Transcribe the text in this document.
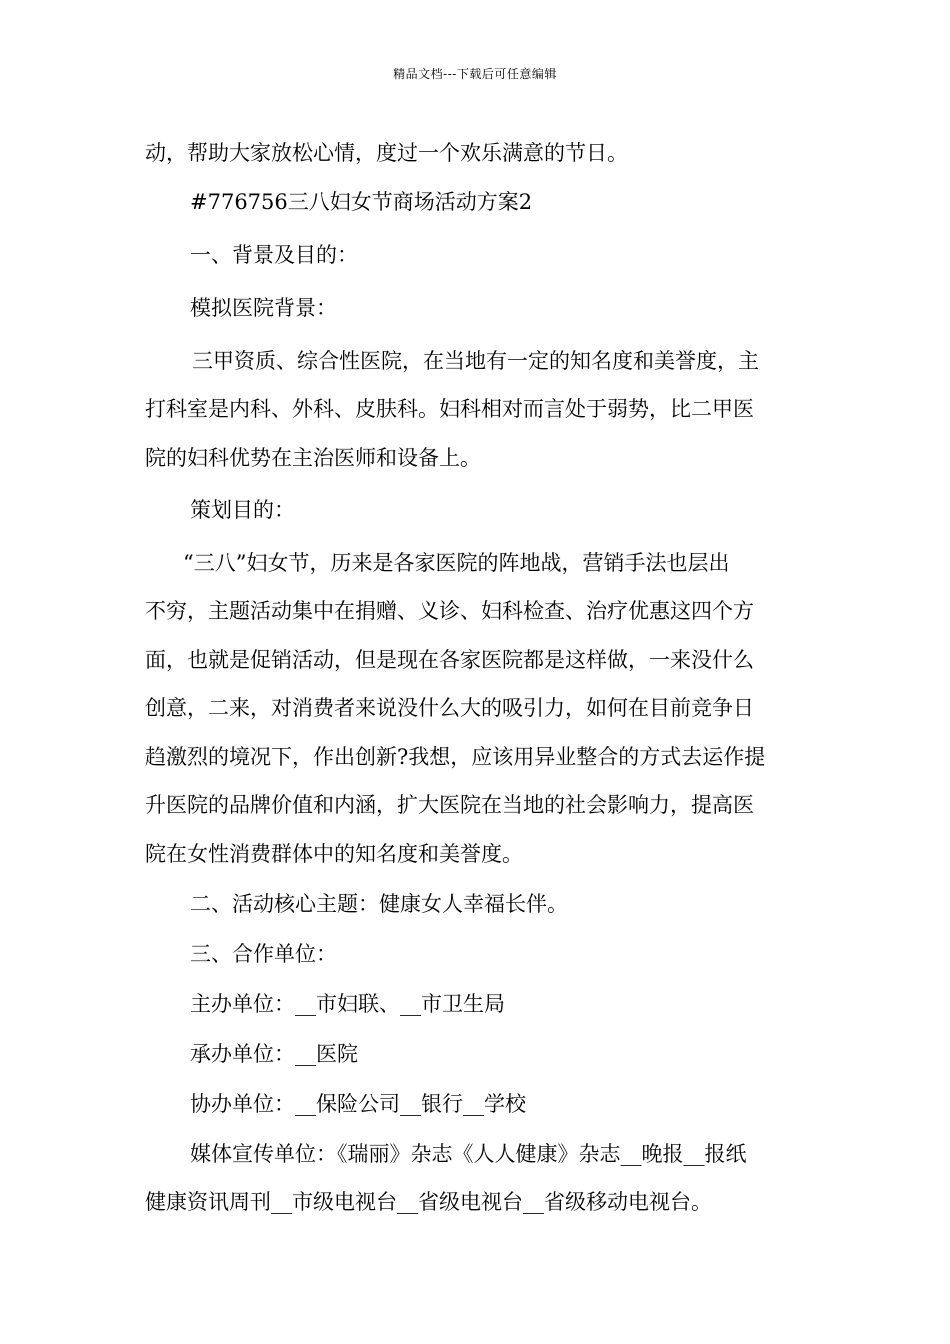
精品文档---下载后可任意编辑
动，帮助大家放松心情，度过一个欢乐满意的节日。
#776756三八妇女节商场活动方案2
一、背景及目的：
模拟医院背景：
三甲资质、综合性医院，在当地有一定的知名度和美誉度，主
打科室是内科、外科、皮肤科。妇科相对而言处于弱势，比二甲医
院的妇科优势在主治医师和设备上。
策划目的：
“三八”妇女节，历来是各家医院的阵地战，营销手法也层出
不穷，主题活动集中在捐赠、义诊、妇科检查、治疗优惠这四个方
面，也就是促销活动，但是现在各家医院都是这样做，一来没什么
创意，二来，对消费者来说没什么大的吸引力，如何在目前竞争日
趋激烈的境况下，作出创新?我想，应该用异业整合的方式去运作提
升医院的品牌价值和内涵，扩大医院在当地的社会影响力，提高医
院在女性消费群体中的知名度和美誉度。
二、活动核心主题：健康女人幸福长伴。
三、合作单位：
主办单位：__市妇联、__市卫生局
承办单位：__医院
协办单位：__保险公司__银行__学校
媒体宣传单位：《瑞丽》杂志《人人健康》杂志__晚报__报纸
健康资讯周刊__市级电视台__省级电视台__省级移动电视台。
